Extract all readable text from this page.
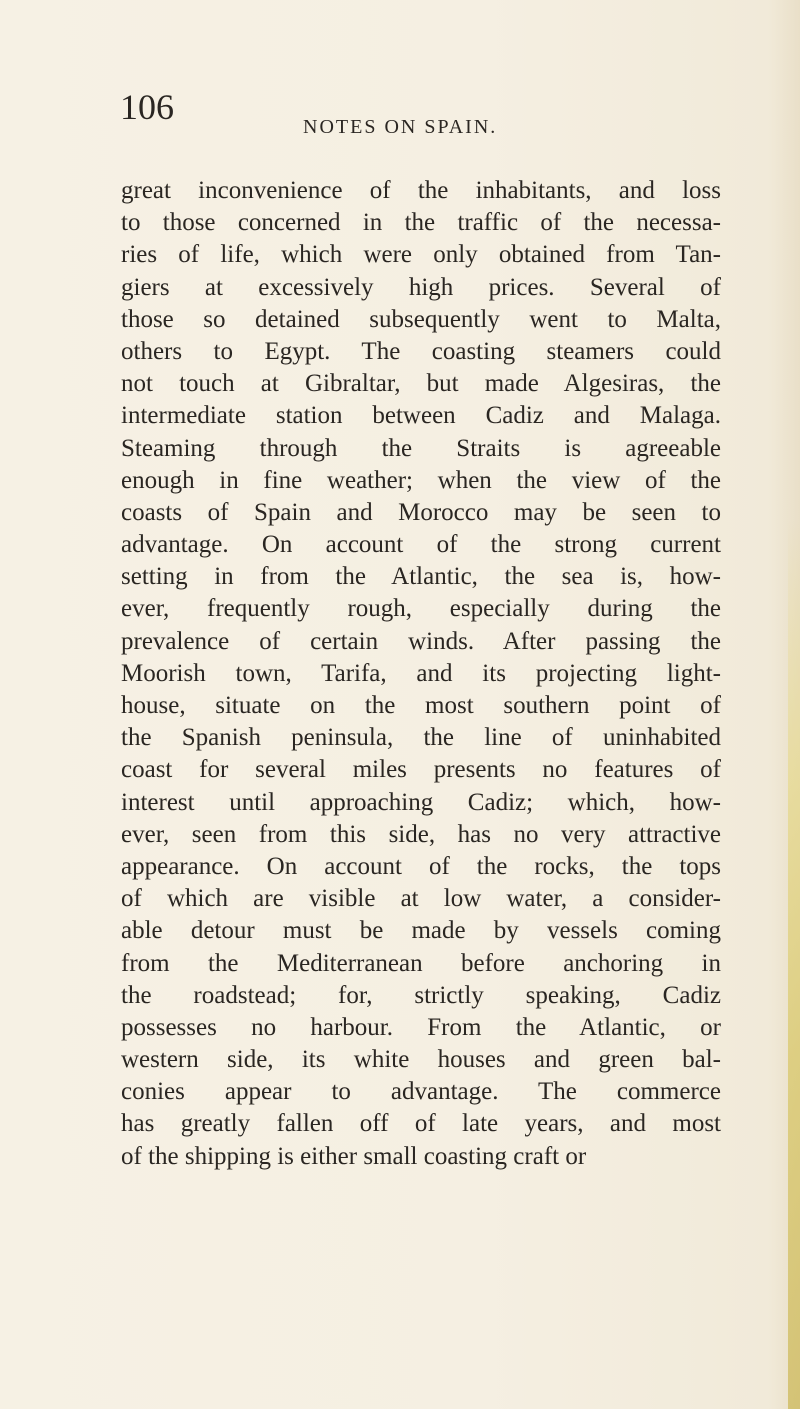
106	NOTES ON SPAIN.
great inconvenience of the inhabitants, and loss
to those concerned in the traffic of the necessa-
ries of life, which were only obtained from Tan-
giers at excessively high prices. Several of
those so detained subsequently went to Malta,
others to Egypt. The coasting steamers could
not touch at Gibraltar, but made Algesiras, the
intermediate station between Cadiz and Malaga.
Steaming through the Straits is agreeable
enough in fine weather; when the view of the
coasts of Spain and Morocco may be seen to
advantage. On account of the strong current
setting in from the Atlantic, the sea is, how-
ever, frequently rough, especially during the
prevalence of certain winds. After passing the
Moorish town, Tarifa, and its projecting light-
house, situate on the most southern point of
the Spanish peninsula, the line of uninhabited
coast for several miles presents no features of
interest until approaching Cadiz; which, how-
ever, seen from this side, has no very attractive
appearance. On account of the rocks, the tops
of which are visible at low water, a consider-
able detour must be made by vessels coming
from the Mediterranean before anchoring in
the roadstead; for, strictly speaking, Cadiz
possesses no harbour. From the Atlantic, or
western side, its white houses and green bal-
conies appear to advantage. The commerce
has greatly fallen off of late years, and most
of the shipping is either small coasting craft or
